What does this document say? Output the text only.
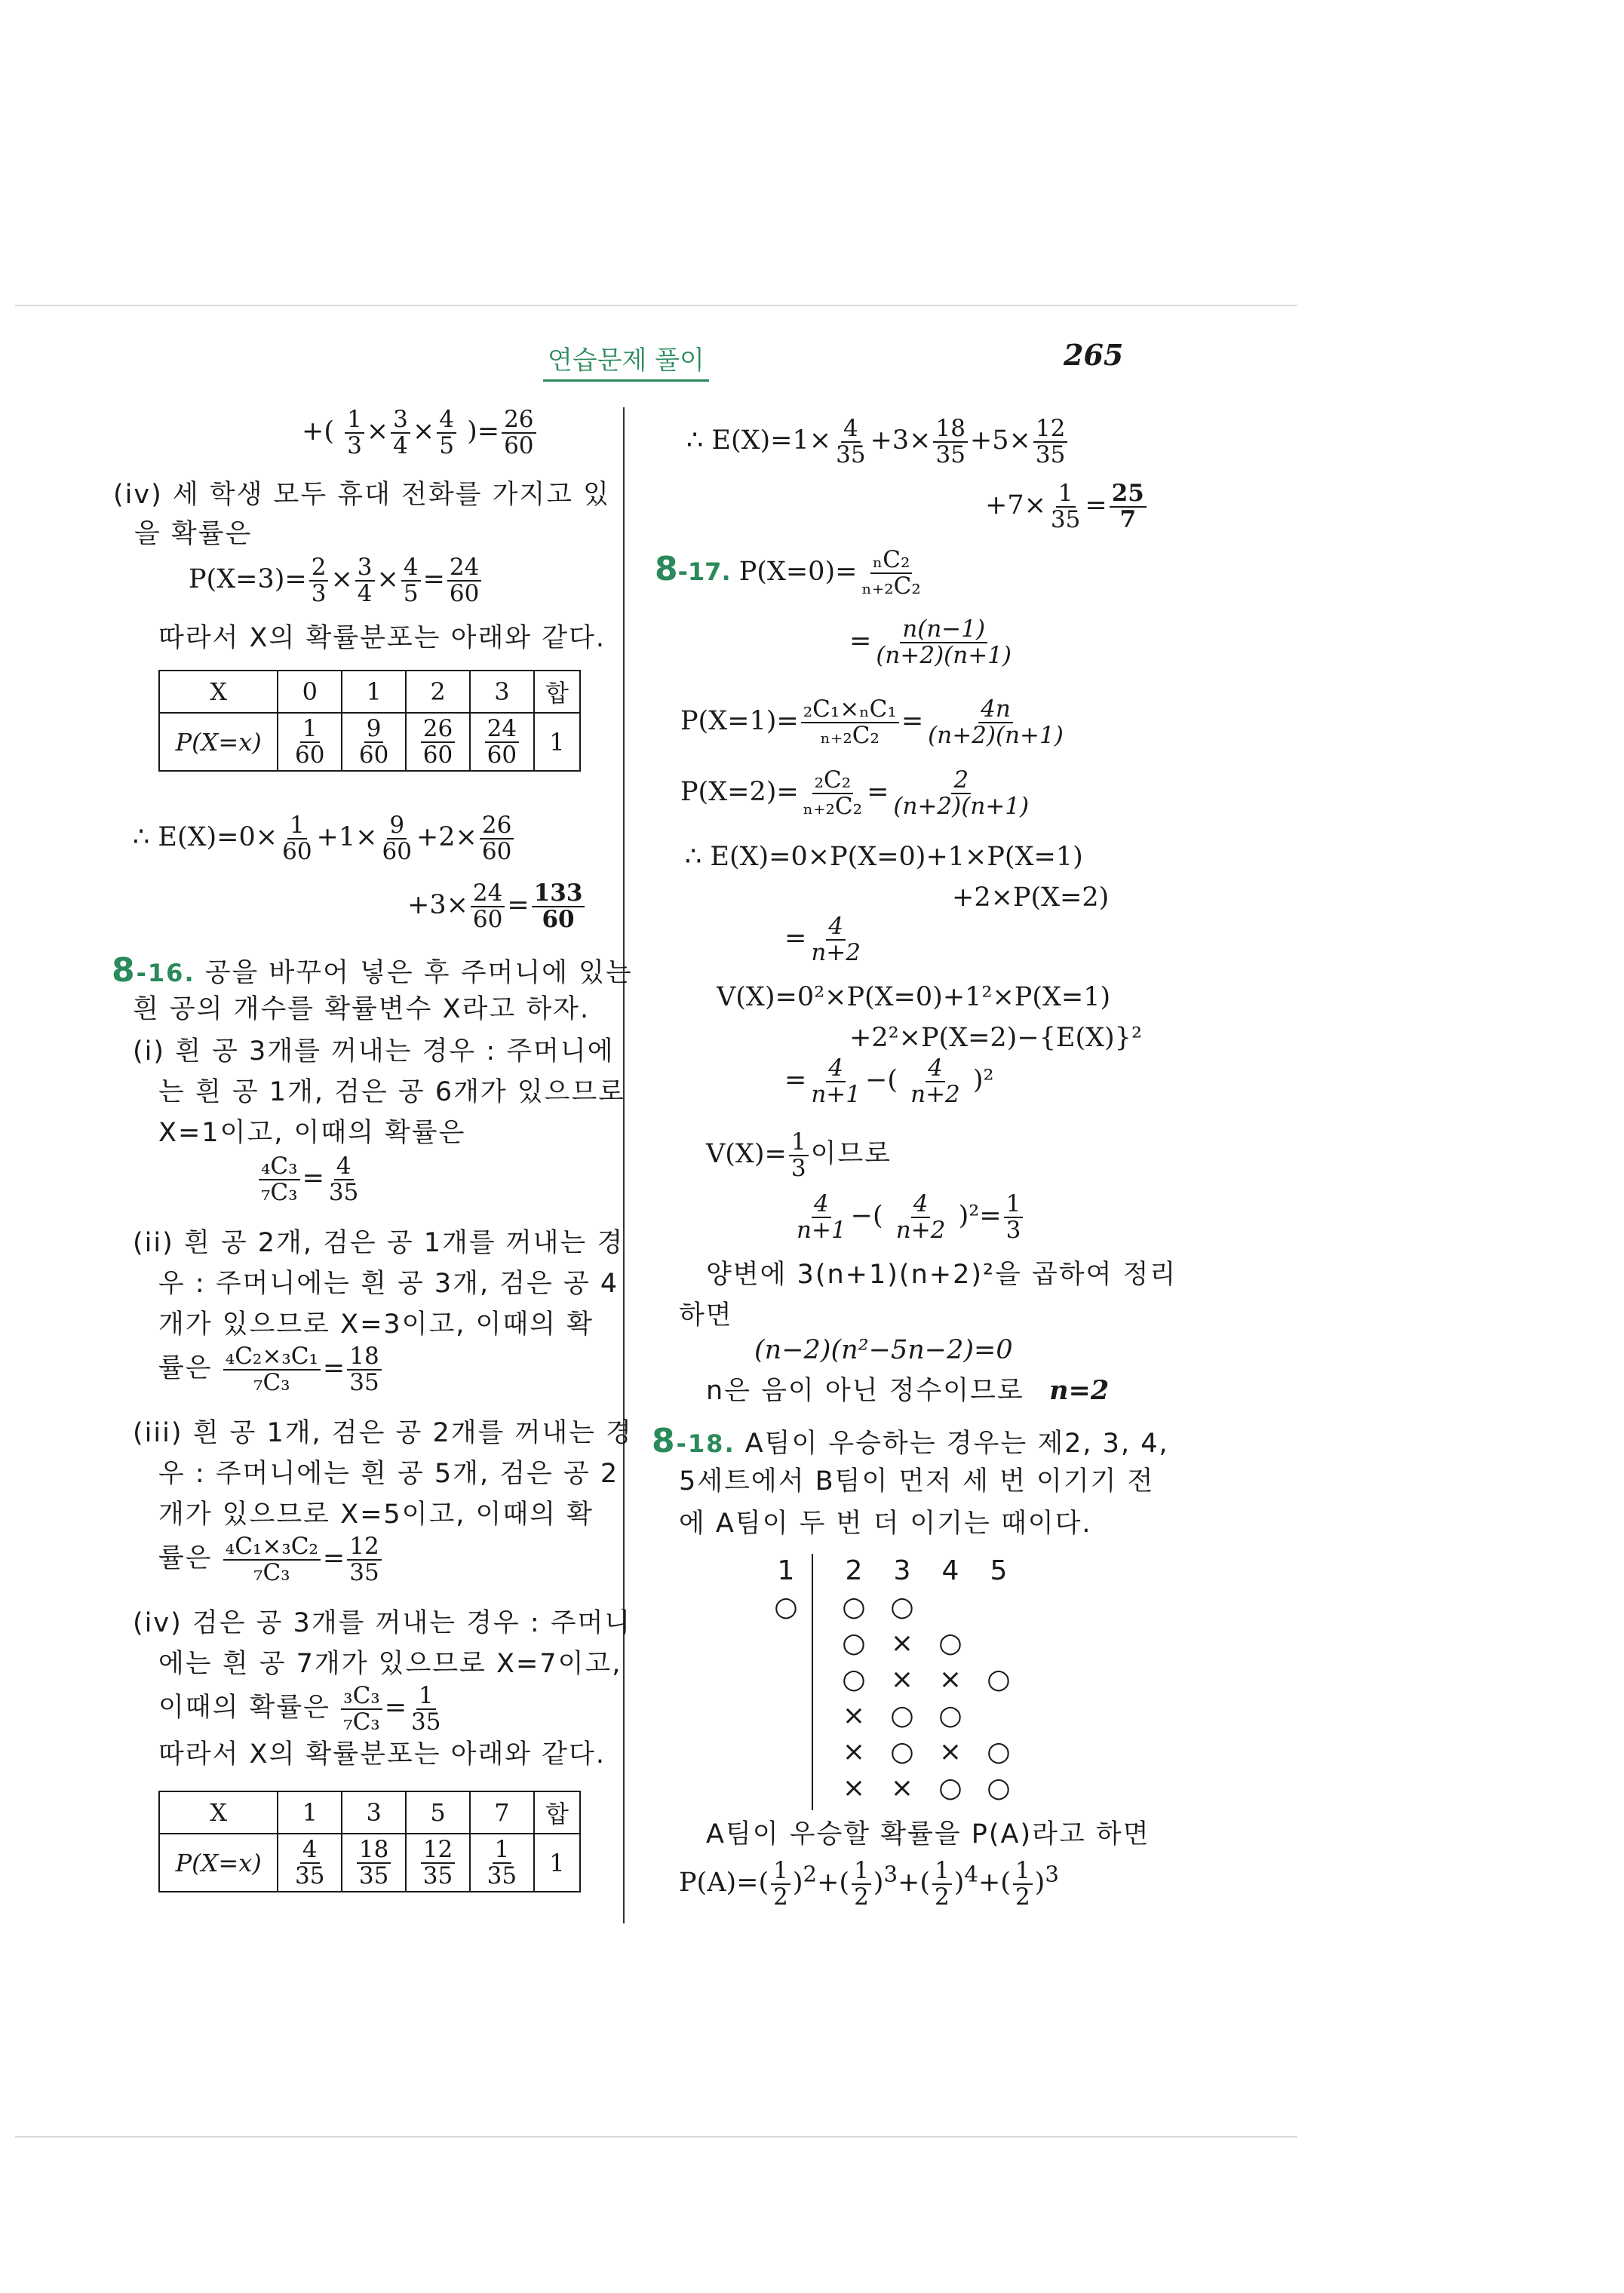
연습문제 풀이	265
+( $\frac{1}{3} \times \frac{3}{4} \times \frac{4}{5}$ )= $\frac{26}{60}$
(iv) 세 학생 모두 휴대 전화를 가지고 있
을 확률은
$P(X=3)= \frac{2}{3} \times \frac{3}{4} \times \frac{4}{5} = \frac{24}{60}$
따라서 X의 확률분포는 아래와 같다.
X	0	1	2	3	합
P(X=x)	$\frac{1}{60}$	$\frac{9}{60}$	$\frac{26}{60}$	$\frac{24}{60}$	1
∴ $E(X)=0\times \frac{1}{60} +1\times \frac{9}{60} +2\times \frac{26}{60}$
$+3\times \frac{24}{60} = \frac{133}{60}$
8-16. 공을 바꾸어 넣은 후 주머니에 있는
흰 공의 개수를 확률변수 X라고 하자.
(i) 흰 공 3개를 꺼내는 경우 : 주머니에
는 흰 공 1개, 검은 공 6개가 있으므로
X=1이고, 이때의 확률은
$\frac{\text{₄C₃}}{\text{₇C₃}} = \frac{4}{35}$
(ii) 흰 공 2개, 검은 공 1개를 꺼내는 경
우 : 주머니에는 흰 공 3개, 검은 공 4
개가 있으므로 X=3이고, 이때의 확
률은 $\frac{\text{₄C₂×₃C₁}}{\text{₇C₃}} = \frac{18}{35}$
(iii) 흰 공 1개, 검은 공 2개를 꺼내는 경
우 : 주머니에는 흰 공 5개, 검은 공 2
개가 있으므로 X=5이고, 이때의 확
률은 $\frac{\text{₄C₁×₃C₂}}{\text{₇C₃}} = \frac{12}{35}$
(iv) 검은 공 3개를 꺼내는 경우 : 주머니
에는 흰 공 7개가 있으므로 X=7이고,
이때의 확률은 $\frac{\text{₃C₃}}{\text{₇C₃}} = \frac{1}{35}$
따라서 X의 확률분포는 아래와 같다.
X	1	3	5	7	합
P(X=x)	$\frac{4}{35}$	$\frac{18}{35}$	$\frac{12}{35}$	$\frac{1}{35}$	1
∴ $E(X)=1\times \frac{4}{35} +3\times \frac{18}{35} +5\times \frac{12}{35}$
$+7\times \frac{1}{35} = \frac{25}{7}$
8-17. $P(X=0)= \frac{\text{ₙC₂}}{\text{ₙ₊₂C₂}}$
= $\frac{n(n-1)}{(n+2)(n+1)}$
$P(X=1)= \frac{\text{₂C₁×ₙC₁}}{\text{ₙ₊₂C₂}} = \frac{4n}{(n+2)(n+1)}$
$P(X=2)= \frac{\text{₂C₂}}{\text{ₙ₊₂C₂}} = \frac{2}{(n+2)(n+1)}$
∴ E(X)=0×P(X=0)+1×P(X=1)
+2×P(X=2)
= $\frac{4}{n+2}$
V(X)=0²×P(X=0)+1²×P(X=1)
+2²×P(X=2)−{E(X)}²
= $\frac{4}{n+1}$ −( $\frac{4}{n+2} )^2$
$V(X)= \frac{1}{3}$ 이므로
$\frac{4}{n+1}$ −( $\frac{4}{n+2} )^2= \frac{1}{3}$
양변에 3(n+1)(n+2)²을 곱하여 정리
하면
(n−2)(n²−5n−2)=0
n은 음이 아닌 정수이므로 n=2
8-18. A팀이 우승하는 경우는 제2, 3, 4,
5세트에서 B팀이 먼저 세 번 이기기 전
에 A팀이 두 번 더 이기는 때이다.
1 2 3 4 5
○ ○ ○
○ × ○
○ × × ○
× ○ ○
× ○ × ○
× × ○ ○
A팀이 우승할 확률을 P(A)라고 하면
$P(A)=( \frac{1}{2} )^2+( \frac{1}{2} )^3+( \frac{1}{2} )^4+( \frac{1}{2} )^3$
